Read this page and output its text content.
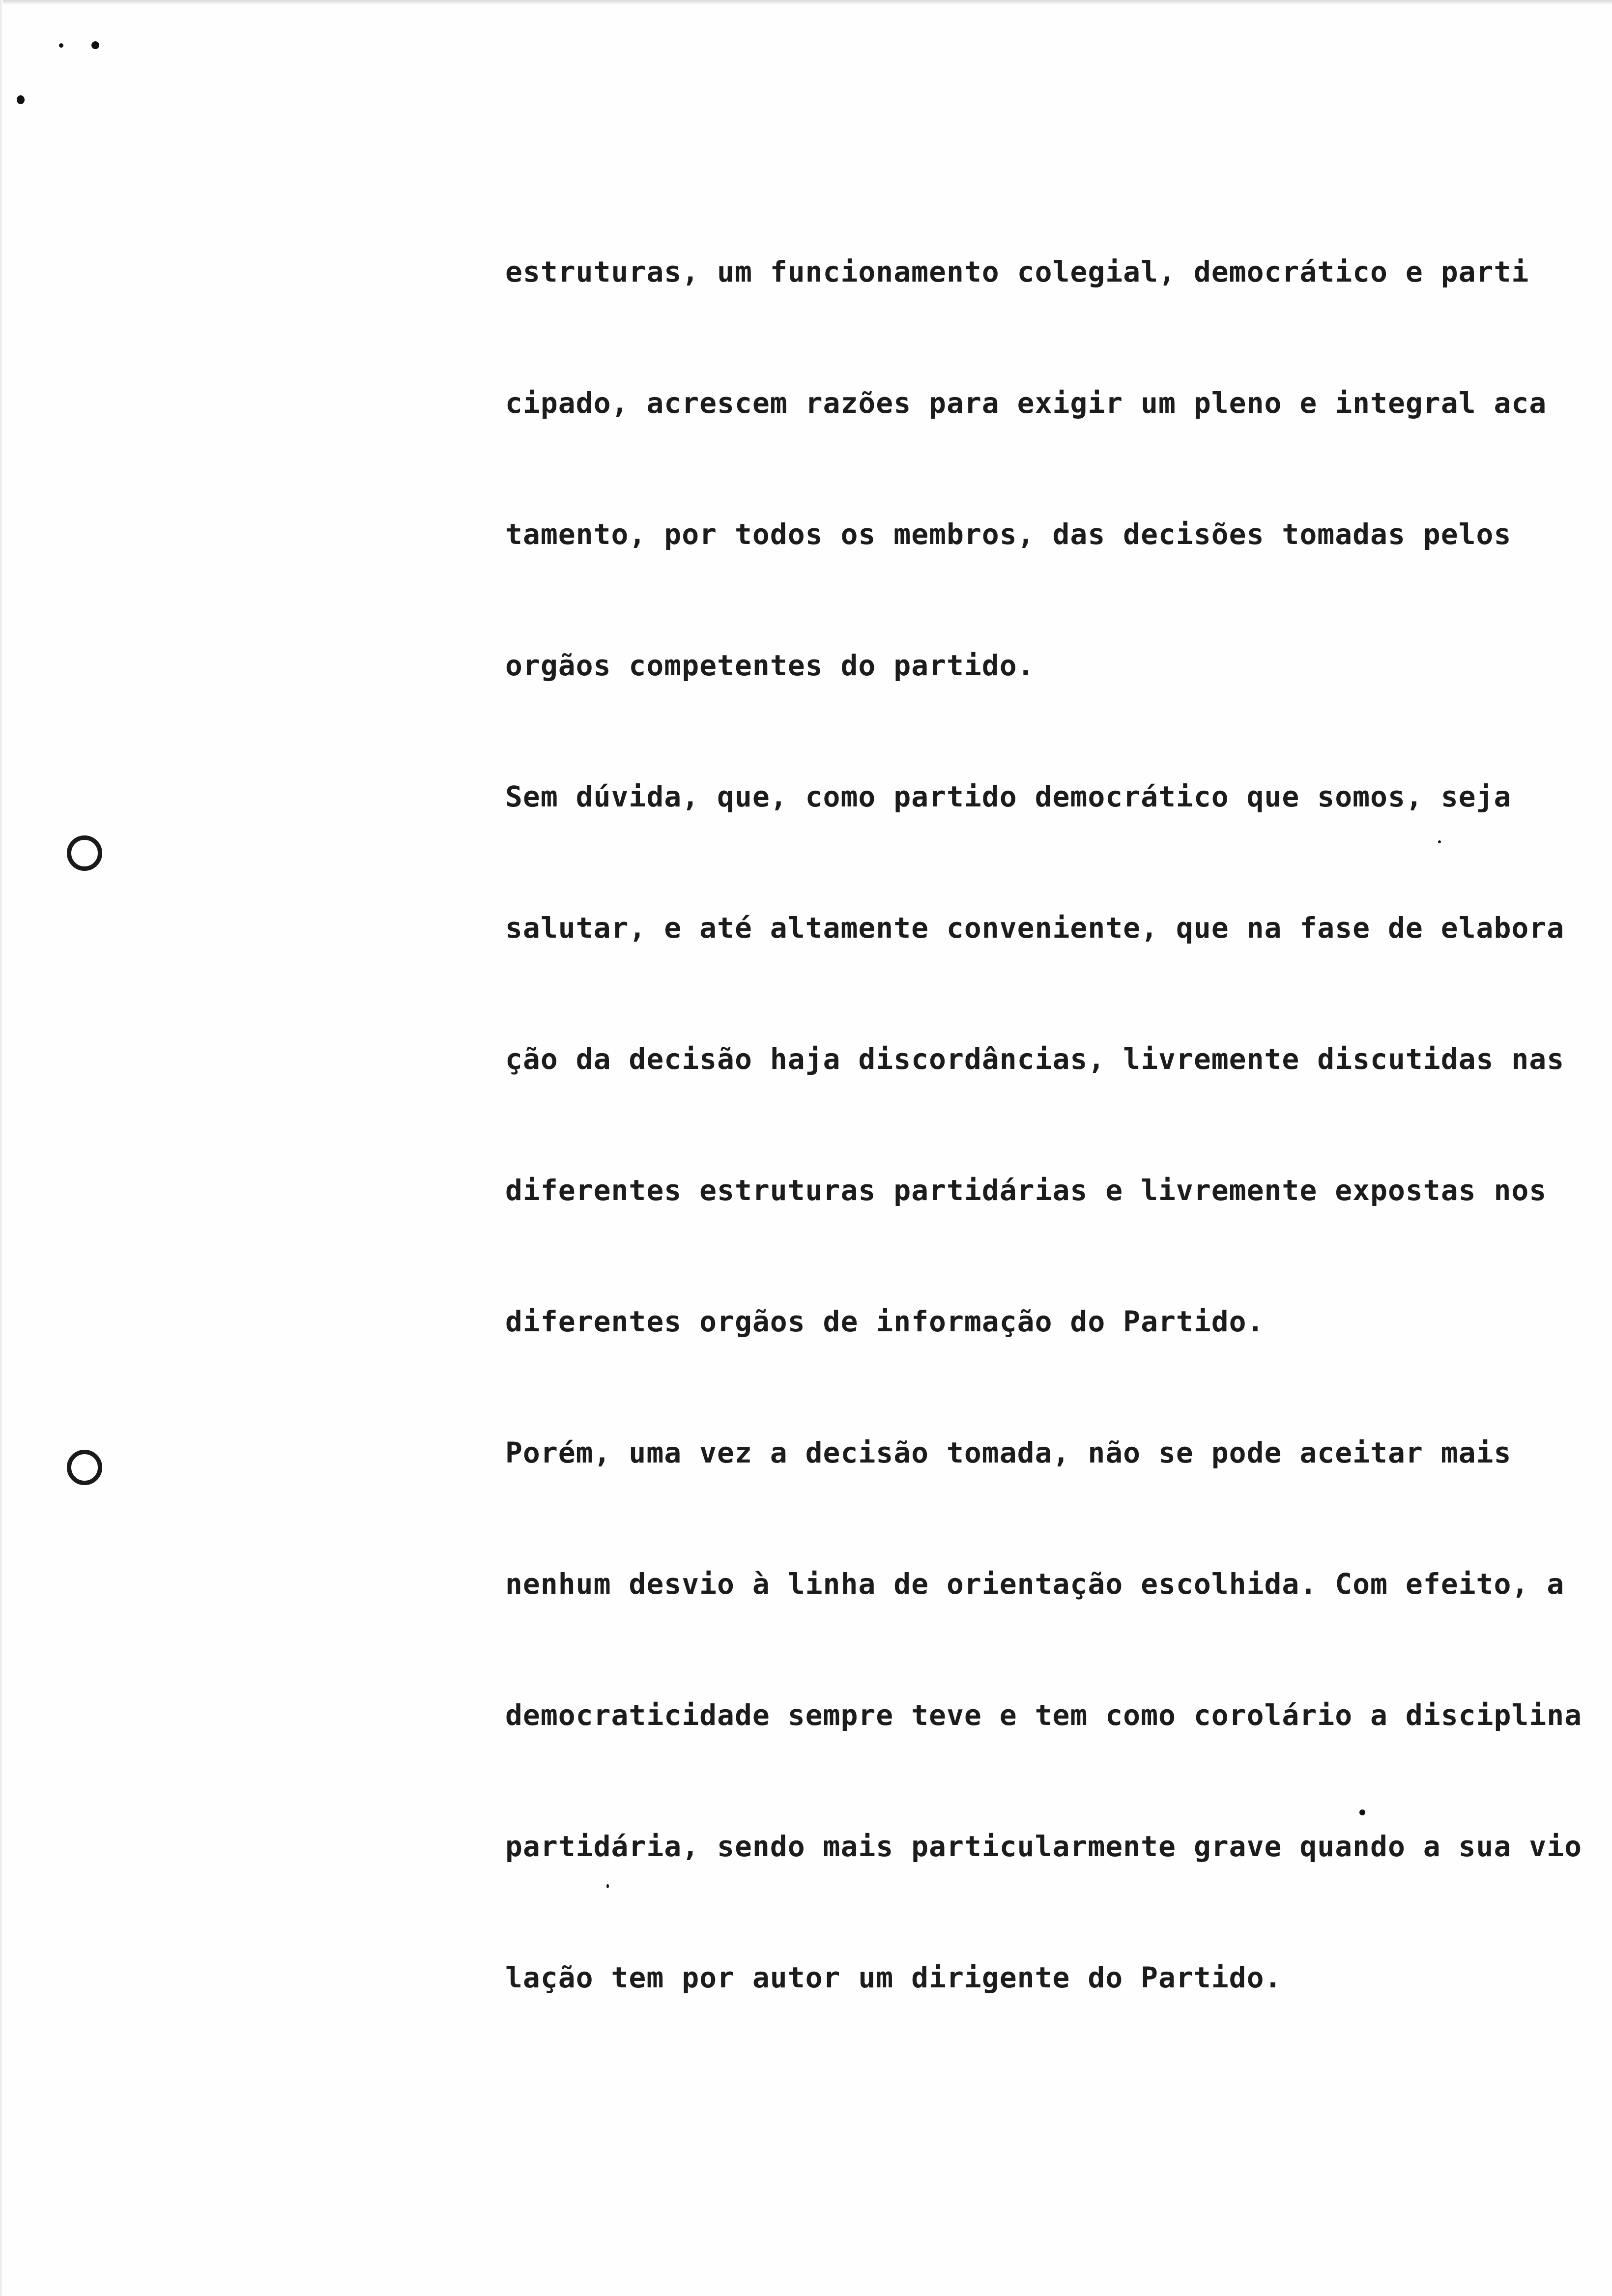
estruturas, um funcionamento colegial, democrático e parti
cipado, acrescem razões para exigir um pleno e integral aca
tamento, por todos os membros, das decisões tomadas pelos
orgãos competentes do partido.
Sem dúvida, que, como partido democrático que somos, seja
salutar, e até altamente conveniente, que na fase de elabora
ção da decisão haja discordâncias, livremente discutidas nas
diferentes estruturas partidárias e livremente expostas nos
diferentes orgãos de informação do Partido.
Porém, uma vez a decisão tomada, não se pode aceitar mais
nenhum desvio à linha de orientação escolhida. Com efeito, a
democraticidade sempre teve e tem como corolário a disciplina
partidária, sendo mais particularmente grave quando a sua vio
lação tem por autor um dirigente do Partido.
